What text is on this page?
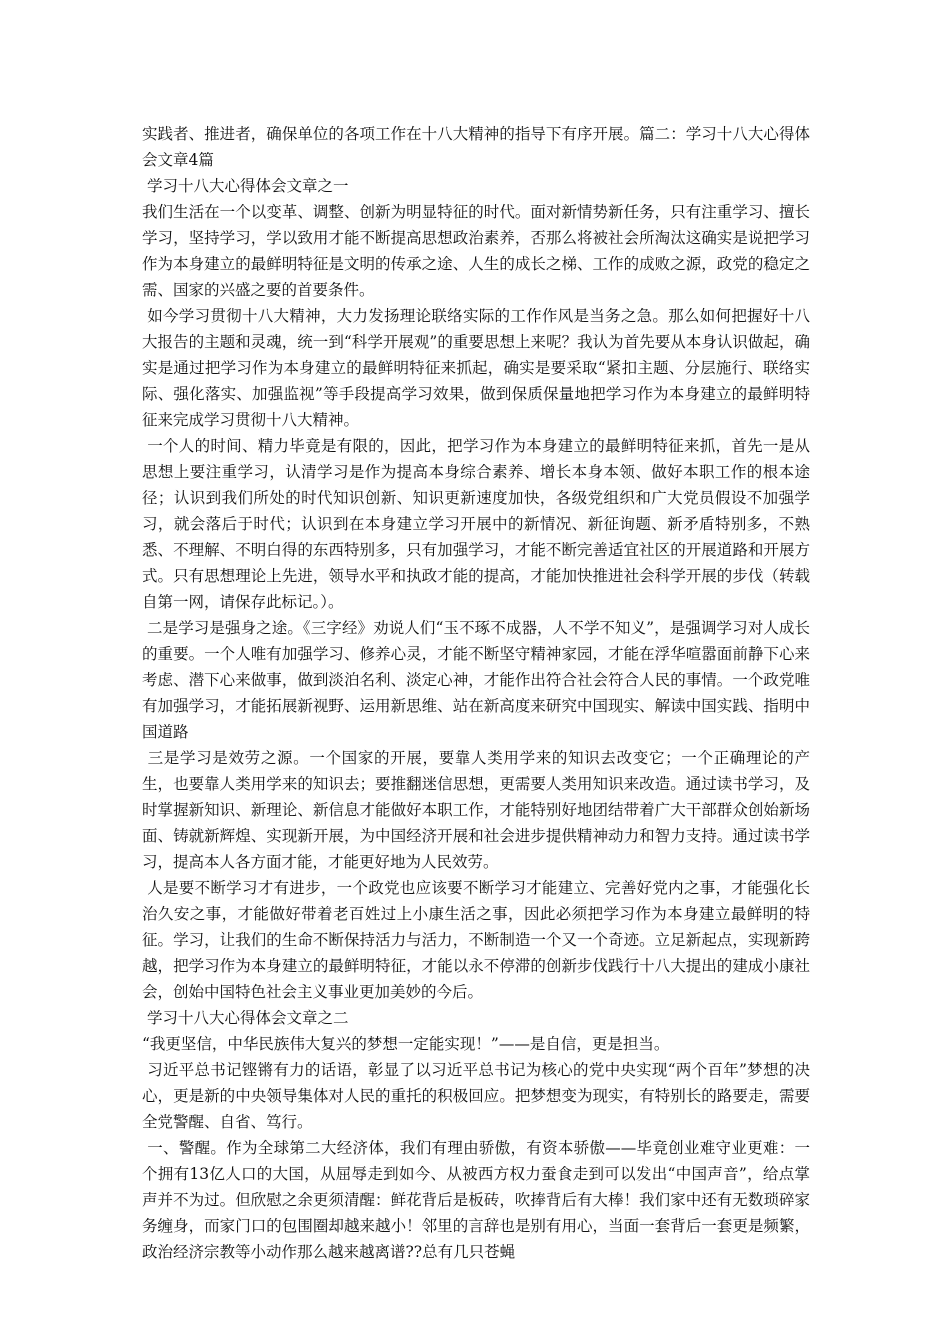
实践者、推进者，确保单位的各项工作在十八大精神的指导下有序开展。篇二：学习十八大心得体会文章4篇

学习十八大心得体会文章之一

我们生活在一个以变革、调整、创新为明显特征的时代。面对新情势新任务，只有注重学习、擅长学习，坚持学习，学以致用才能不断提高思想政治素养，否那么将被社会所淘汰这确实是说把学习作为本身建立的最鲜明特征是文明的传承之途、人生的成长之梯、工作的成败之源，政党的稳定之需、国家的兴盛之要的首要条件。

如今学习贯彻十八大精神，大力发扬理论联络实际的工作作风是当务之急。那么如何把握好十八大报告的主题和灵魂，统一到“科学开展观”的重要思想上来呢？我认为首先要从本身认识做起，确实是通过把学习作为本身建立的最鲜明特征来抓起，确实是要采取“紧扣主题、分层施行、联络实际、强化落实、加强监视”等手段提高学习效果，做到保质保量地把学习作为本身建立的最鲜明特征来完成学习贯彻十八大精神。

一个人的时间、精力毕竟是有限的，因此，把学习作为本身建立的最鲜明特征来抓，首先一是从思想上要注重学习，认清学习是作为提高本身综合素养、增长本身本领、做好本职工作的根本途径；认识到我们所处的时代知识创新、知识更新速度加快，各级党组织和广大党员假设不加强学习，就会落后于时代；认识到在本身建立学习开展中的新情况、新征询题、新矛盾特别多，不熟悉、不理解、不明白得的东西特别多，只有加强学习，才能不断完善适宜社区的开展道路和开展方式。只有思想理论上先进，领导水平和执政才能的提高，才能加快推进社会科学开展的步伐（转载自第一网，请保存此标记。）。

二是学习是强身之途。《三字经》劝说人们“玉不琢不成器，人不学不知义”，是强调学习对人成长的重要。一个人唯有加强学习、修养心灵，才能不断坚守精神家园，才能在浮华喧嚣面前静下心来考虑、潜下心来做事，做到淡泊名利、淡定心神，才能作出符合社会符合人民的事情。一个政党唯有加强学习，才能拓展新视野、运用新思维、站在新高度来研究中国现实、解读中国实践、指明中国道路

三是学习是效劳之源。一个国家的开展，要靠人类用学来的知识去改变它；一个正确理论的产生，也要靠人类用学来的知识去；要推翻迷信思想，更需要人类用知识来改造。通过读书学习，及时掌握新知识、新理论、新信息才能做好本职工作，才能特别好地团结带着广大干部群众创始新场面、铸就新辉煌、实现新开展，为中国经济开展和社会进步提供精神动力和智力支持。通过读书学习，提高本人各方面才能，才能更好地为人民效劳。

人是要不断学习才有进步，一个政党也应该要不断学习才能建立、完善好党内之事，才能强化长治久安之事，才能做好带着老百姓过上小康生活之事，因此必须把学习作为本身建立最鲜明的特征。学习，让我们的生命不断保持活力与活力，不断制造一个又一个奇迹。立足新起点，实现新跨越，把学习作为本身建立的最鲜明特征，才能以永不停滞的创新步伐践行十八大提出的建成小康社会，创始中国特色社会主义事业更加美妙的今后。

学习十八大心得体会文章之二

“我更坚信，中华民族伟大复兴的梦想一定能实现！”——是自信，更是担当。

习近平总书记铿锵有力的话语，彰显了以习近平总书记为核心的党中央实现“两个百年”梦想的决心，更是新的中央领导集体对人民的重托的积极回应。把梦想变为现实，有特别长的路要走，需要全党警醒、自省、笃行。

一、警醒。作为全球第二大经济体，我们有理由骄傲，有资本骄傲——毕竟创业难守业更难：一个拥有13亿人口的大国，从屈辱走到如今、从被西方权力蚕食走到可以发出“中国声音”，给点掌声并不为过。但欣慰之余更须清醒：鲜花背后是板砖，吹捧背后有大棒！我们家中还有无数琐碎家务缠身，而家门口的包围圈却越来越小！邻里的言辞也是别有用心，当面一套背后一套更是频繁，政治经济宗教等小动作那么越来越离谱??总有几只苍蝇
